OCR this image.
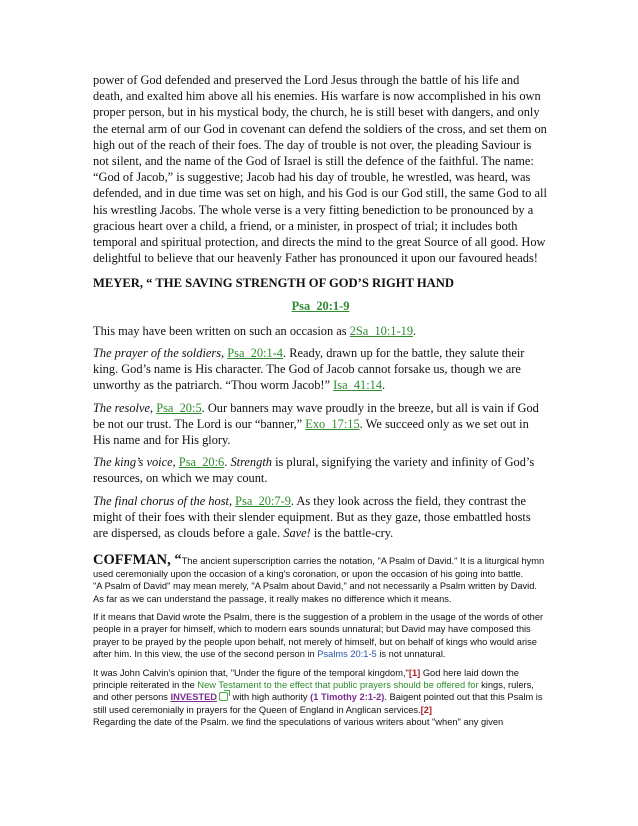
power of God defended and preserved the Lord Jesus through the battle of his life and death, and exalted him above all his enemies. His warfare is now accomplished in his own proper person, but in his mystical body, the church, he is still beset with dangers, and only the eternal arm of our God in covenant can defend the soldiers of the cross, and set them on high out of the reach of their foes. The day of trouble is not over, the pleading Saviour is not silent, and the name of the God of Israel is still the defence of the faithful. The name: “God of Jacob,” is suggestive; Jacob had his day of trouble, he wrestled, was heard, was defended, and in due time was set on high, and his God is our God still, the same God to all his wrestling Jacobs. The whole verse is a very fitting benediction to be pronounced by a gracious heart over a child, a friend, or a minister, in prospect of trial; it includes both temporal and spiritual protection, and directs the mind to the great Source of all good. How delightful to believe that our heavenly Father has pronounced it upon our favoured heads!

MEYER, “ THE SAVING STRENGTH OF GOD’S RIGHT HAND

Psa_20:1-9

This may have been written on such an occasion as 2Sa_10:1-19.

The prayer of the soldiers, Psa_20:1-4. Ready, drawn up for the battle, they salute their king. God’s name is His character. The God of Jacob cannot forsake us, though we are unworthy as the patriarch. “Thou worm Jacob!” Isa_41:14.

The resolve, Psa_20:5. Our banners may wave proudly in the breeze, but all is vain if God be not our trust. The Lord is our “banner,” Exo_17:15. We succeed only as we set out in His name and for His glory.

The king’s voice, Psa_20:6. Strength is plural, signifying the variety and infinity of God’s resources, on which we may count.

The final chorus of the host, Psa_20:7-9. As they look across the field, they contrast the might of their foes with their slender equipment. But as they gaze, those embattled hosts are dispersed, as clouds before a gale. Save! is the battle-cry.

COFFMAN, “The ancient superscription carries the notation, "A Psalm of David." It is a liturgical hymn used ceremonially upon the occasion of a king's coronation, or upon the occasion of his going into battle.

"A Psalm of David" may mean merely, "A Psalm about David," and not necessarily a Psalm written by David. As far as we can understand the passage, it really makes no difference which it means.

If it means that David wrote the Psalm, there is the suggestion of a problem in the usage of the words of other people in a prayer for himself, which to modern ears sounds unnatural; but David may have composed this prayer to be prayed by the people upon behalf, not merely of himself, but on behalf of kings who would arise after him. In this view, the use of the second person in Psalms 20:1-5 is not unnatural.

It was John Calvin's opinion that, "Under the figure of the temporal kingdom,"[1] God here laid down the principle reiterated in the New Testament to the effect that public prayers should be offered for kings, rulers, and other persons INVESTED with high authority (1 Timothy 2:1-2). Baigent pointed out that this Psalm is still used ceremonially in prayers for the Queen of England in Anglican services.[2]

Regarding the date of the Psalm. we find the speculations of various writers about "when" any given
